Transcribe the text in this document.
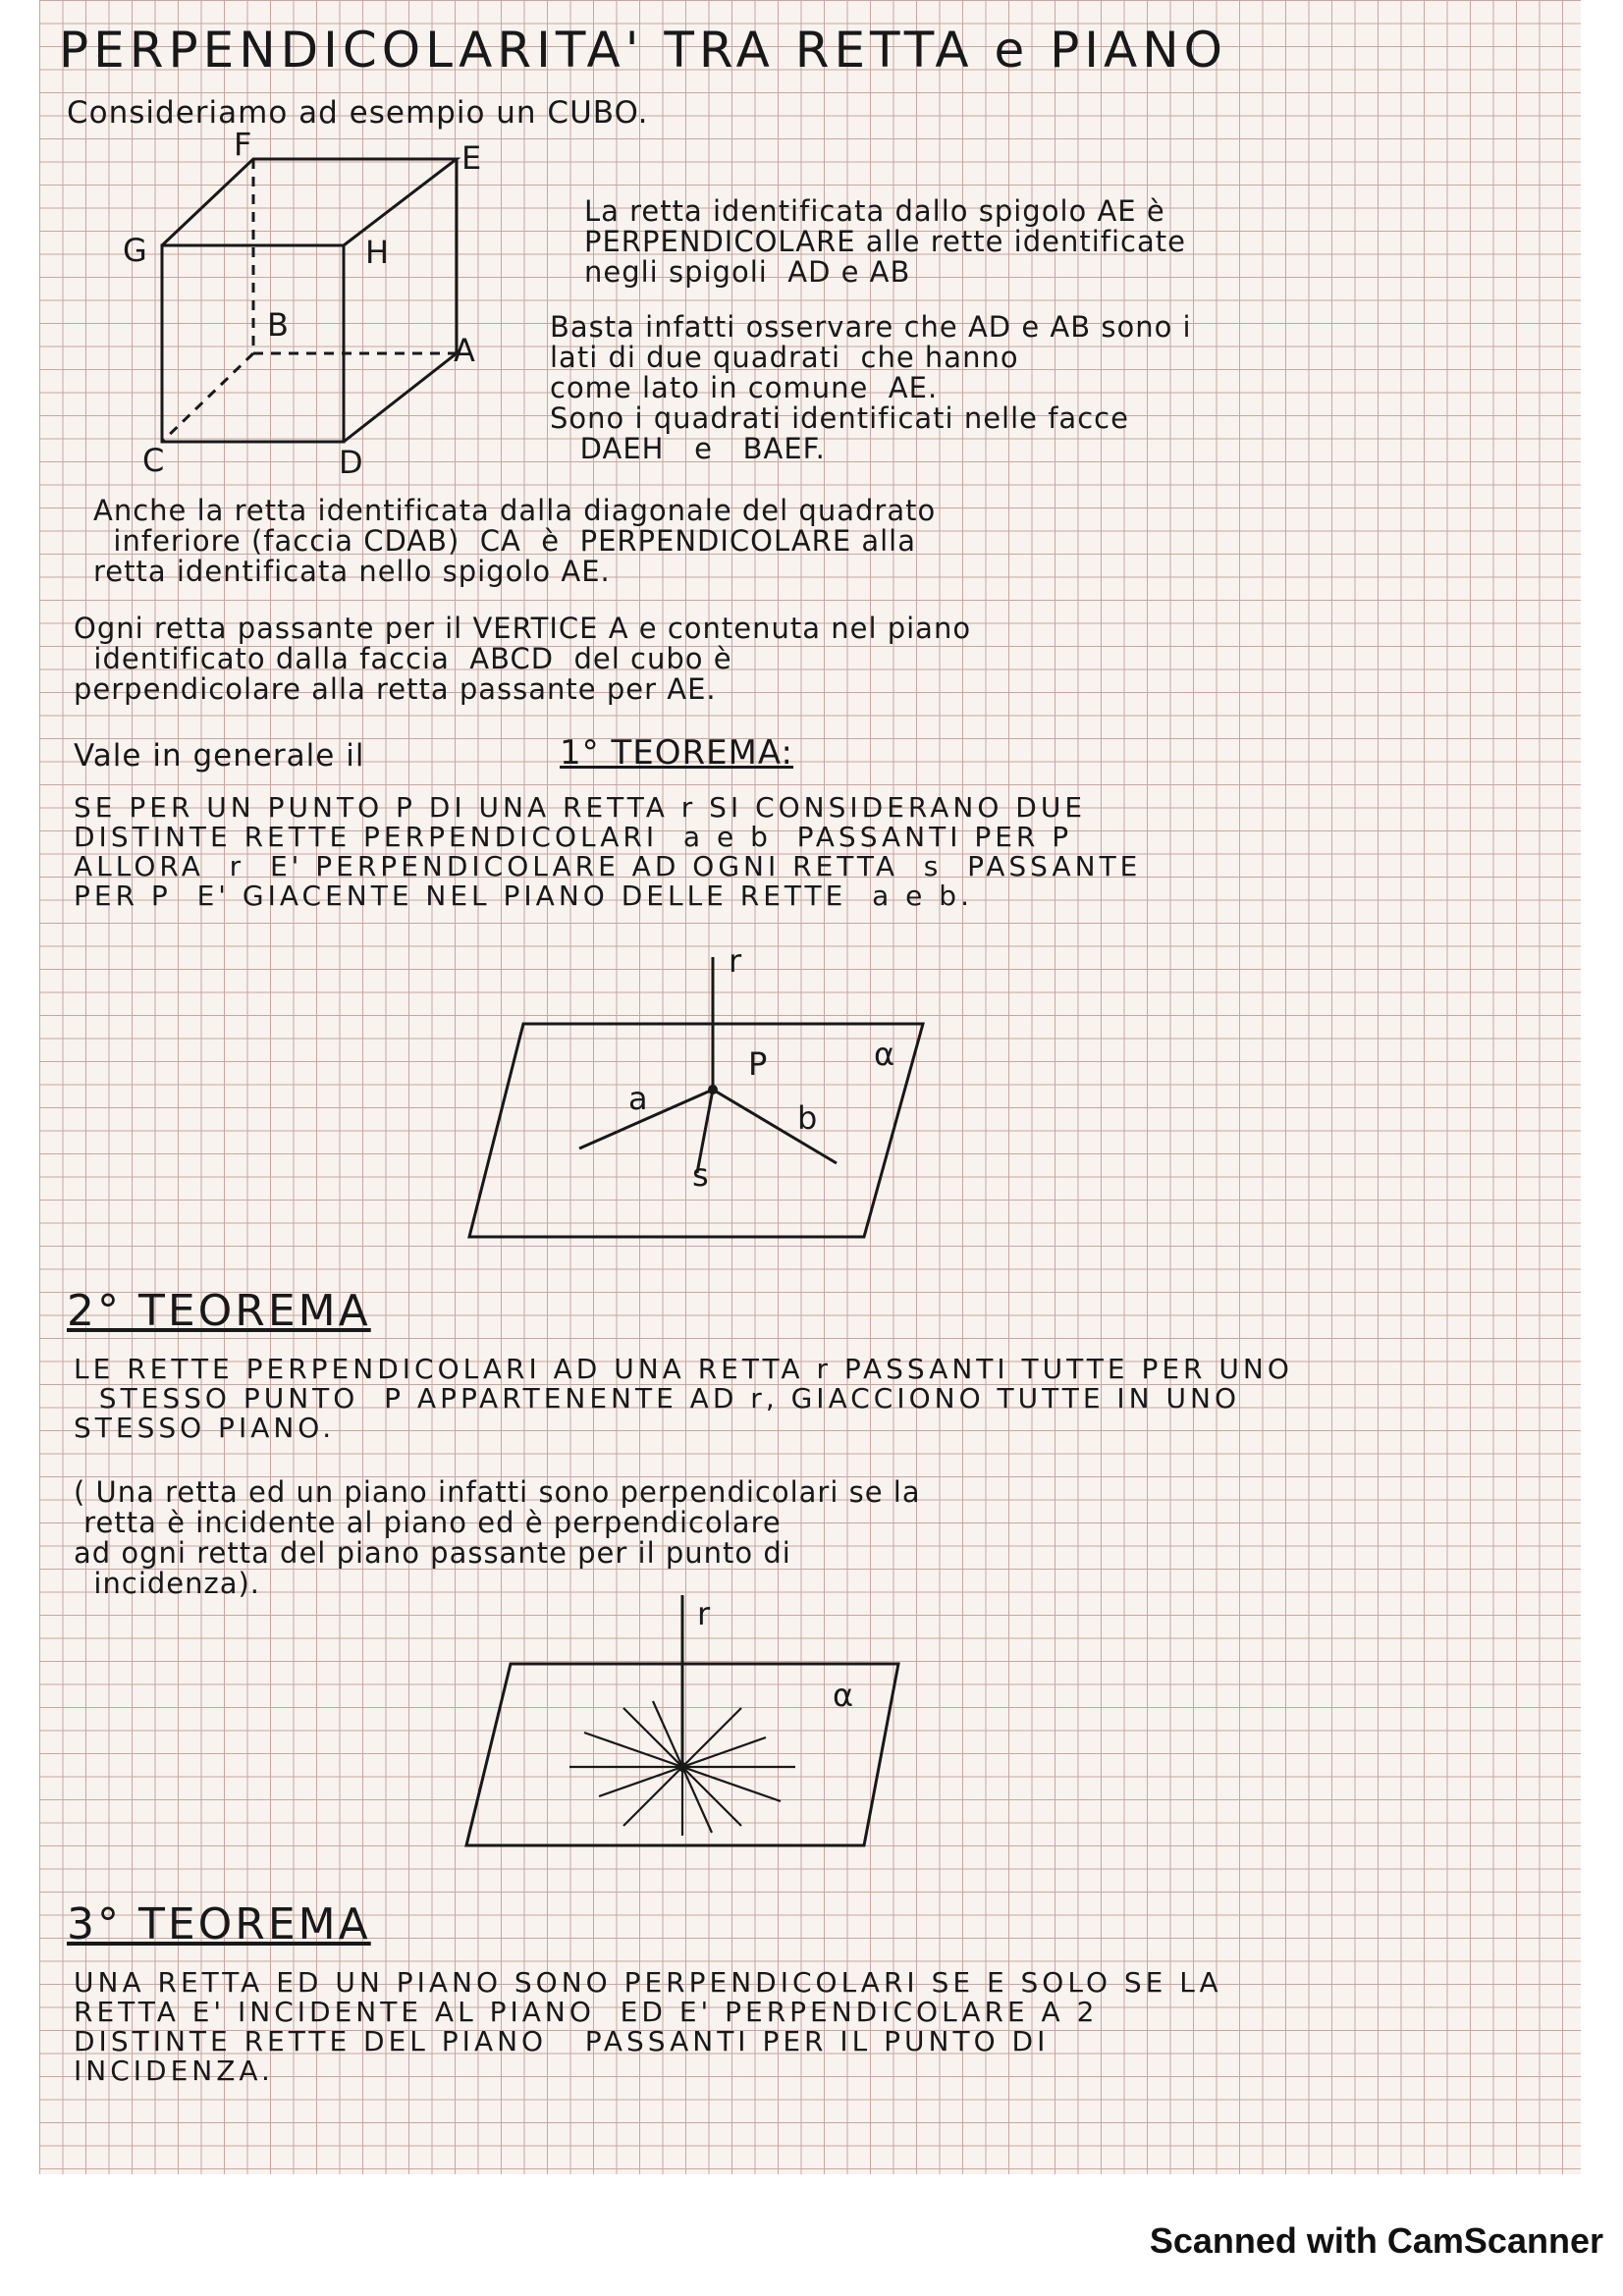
PERPENDICOLARITA' TRA RETTA e PIANO
Consideriamo ad esempio un CUBO.
F	E
G	H
B
A
C	D
La retta identificata dallo spigolo AE è
PERPENDICOLARE alle rette identificate
negli spigoli  AD e AB
Basta infatti osservare che AD e AB sono i
lati di due quadrati  che hanno
come lato in comune  AE.
Sono i quadrati identificati nelle facce
DAEH   e   BAEF.
Anche la retta identificata dalla diagonale del quadrato
inferiore (faccia CDAB)  CA  è  PERPENDICOLARE alla
retta identificata nello spigolo AE.
Ogni retta passante per il VERTICE A e contenuta nel piano
identificato dalla faccia  ABCD  del cubo è
perpendicolare alla retta passante per AE.
Vale in generale il	1° TEOREMA:
SE PER UN PUNTO P DI UNA RETTA r SI CONSIDERANO DUE
DISTINTE RETTE PERPENDICOLARI  a e b  PASSANTI PER P
ALLORA  r  E' PERPENDICOLARE AD OGNI RETTA  s  PASSANTE
PER P  E' GIACENTE NEL PIANO DELLE RETTE  a e b.
r
P	α
a
b
s
2° TEOREMA
LE RETTE PERPENDICOLARI AD UNA RETTA r PASSANTI TUTTE PER UNO
STESSO PUNTO  P APPARTENENTE AD r, GIACCIONO TUTTE IN UNO
STESSO PIANO.
( Una retta ed un piano infatti sono perpendicolari se la
retta è incidente al piano ed è perpendicolare
ad ogni retta del piano passante per il punto di
incidenza).
r
α
3° TEOREMA
UNA RETTA ED UN PIANO SONO PERPENDICOLARI SE E SOLO SE LA
RETTA E' INCIDENTE AL PIANO  ED E' PERPENDICOLARE A 2
DISTINTE RETTE DEL PIANO   PASSANTI PER IL PUNTO DI
INCIDENZA.
Scanned with CamScanner
